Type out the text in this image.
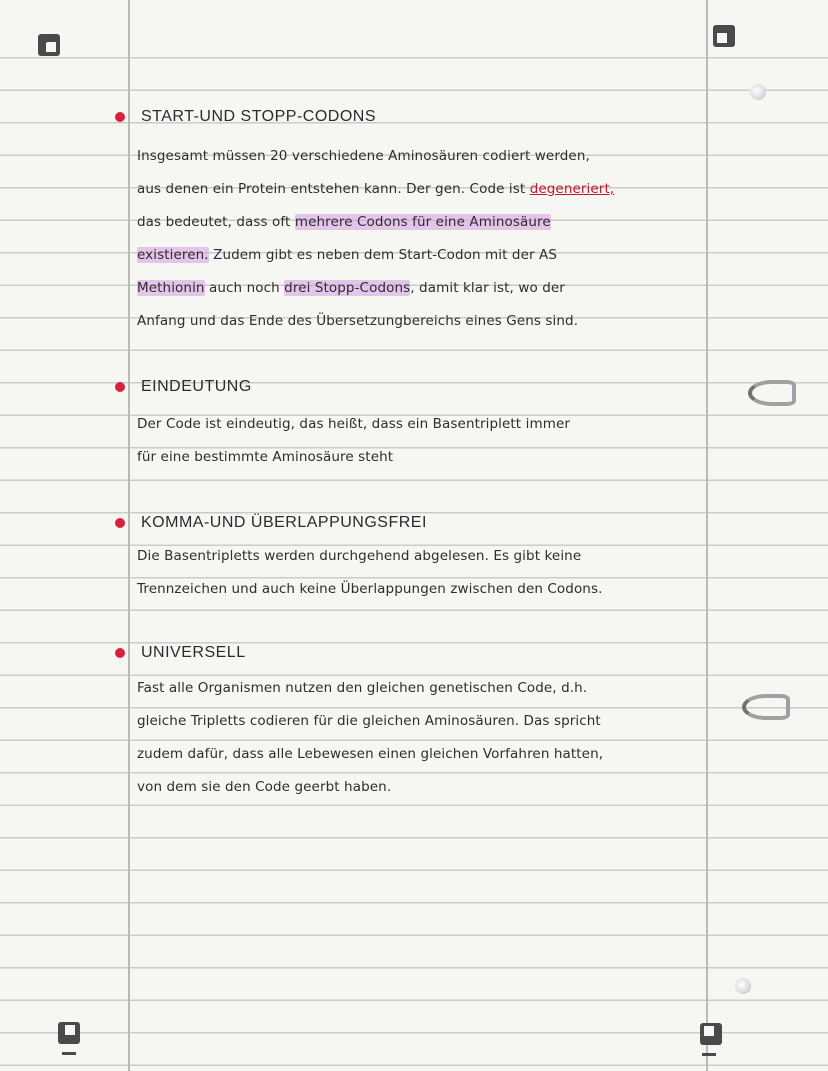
START-UND STOPP-CODONS
Insgesamt müssen 20 verschiedene Aminosäuren codiert werden,
aus denen ein Protein entstehen kann. Der gen. Code ist degeneriert,
das bedeutet, dass oft mehrere Codons für eine Aminosäure
existieren. Zudem gibt es neben dem Start-Codon mit der AS
Methionin auch noch drei Stopp-Codons, damit klar ist, wo der
Anfang und das Ende des Übersetzungbereichs eines Gens sind.
EINDEUTUNG
Der Code ist eindeutig, das heißt, dass ein Basentriplett immer
für eine bestimmte Aminosäure steht
KOMMA-UND ÜBERLAPPUNGSFREI
Die Basentripletts werden durchgehend abgelesen. Es gibt keine
Trennzeichen und auch keine Überlappungen zwischen den Codons.
UNIVERSELL
Fast alle Organismen nutzen den gleichen genetischen Code, d.h.
gleiche Tripletts codieren für die gleichen Aminosäuren. Das spricht
zudem dafür, dass alle Lebewesen einen gleichen Vorfahren hatten,
von dem sie den Code geerbt haben.
